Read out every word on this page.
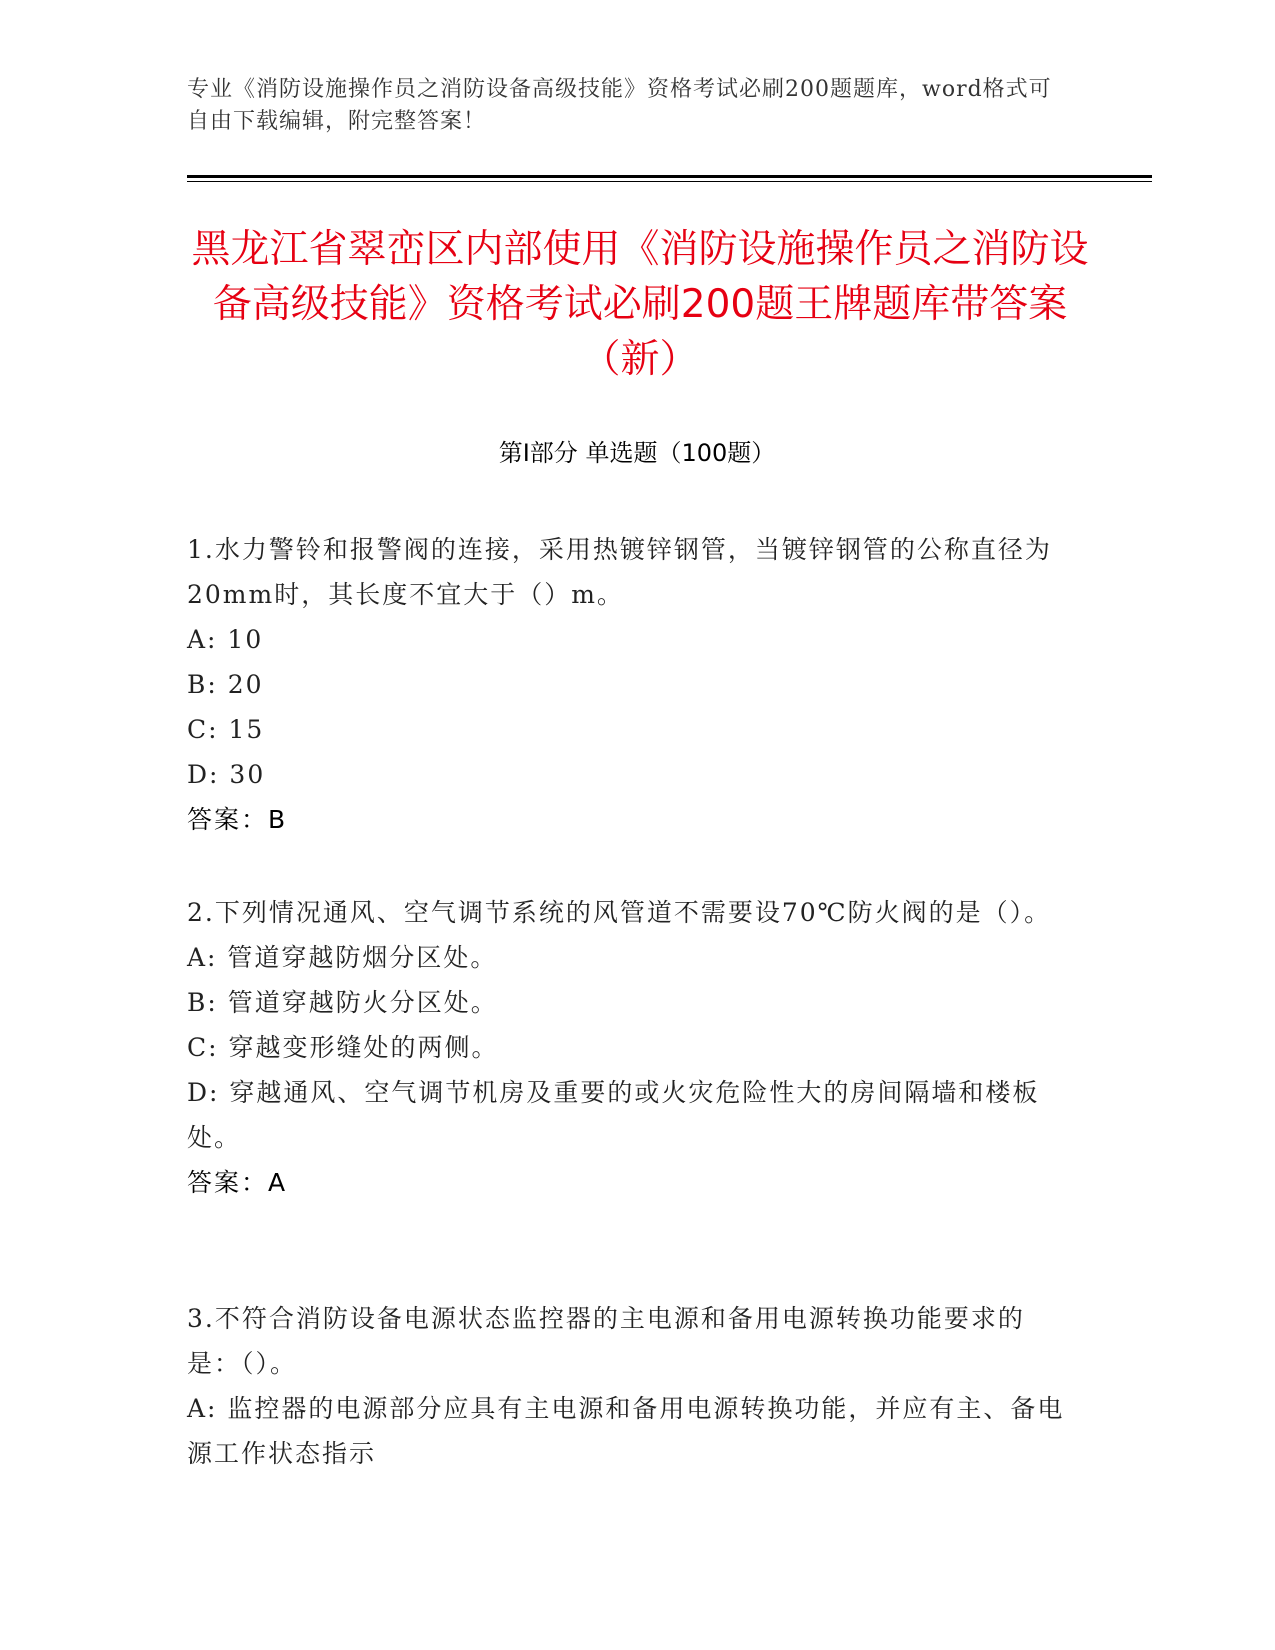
专业《消防设施操作员之消防设备高级技能》资格考试必刷200题题库，word格式可自由下载编辑，附完整答案！
黑龙江省翠峦区内部使用《消防设施操作员之消防设备高级技能》资格考试必刷200题王牌题库带答案（新）
第I部分 单选题（100题）

1.水力警铃和报警阀的连接，采用热镀锌钢管，当镀锌钢管的公称直径为20mm时，其长度不宜大于（）m。

A: 10

B: 20

C: 15

D: 30

答案：B

2.下列情况通风、空气调节系统的风管道不需要设70℃防火阀的是（）。

A: 管道穿越防烟分区处。

B: 管道穿越防火分区处。

C: 穿越变形缝处的两侧。

D: 穿越通风、空气调节机房及重要的或火灾危险性大的房间隔墙和楼板处。

答案：A

3.不符合消防设备电源状态监控器的主电源和备用电源转换功能要求的是：（）。

A: 监控器的电源部分应具有主电源和备用电源转换功能，并应有主、备电源工作状态指示
